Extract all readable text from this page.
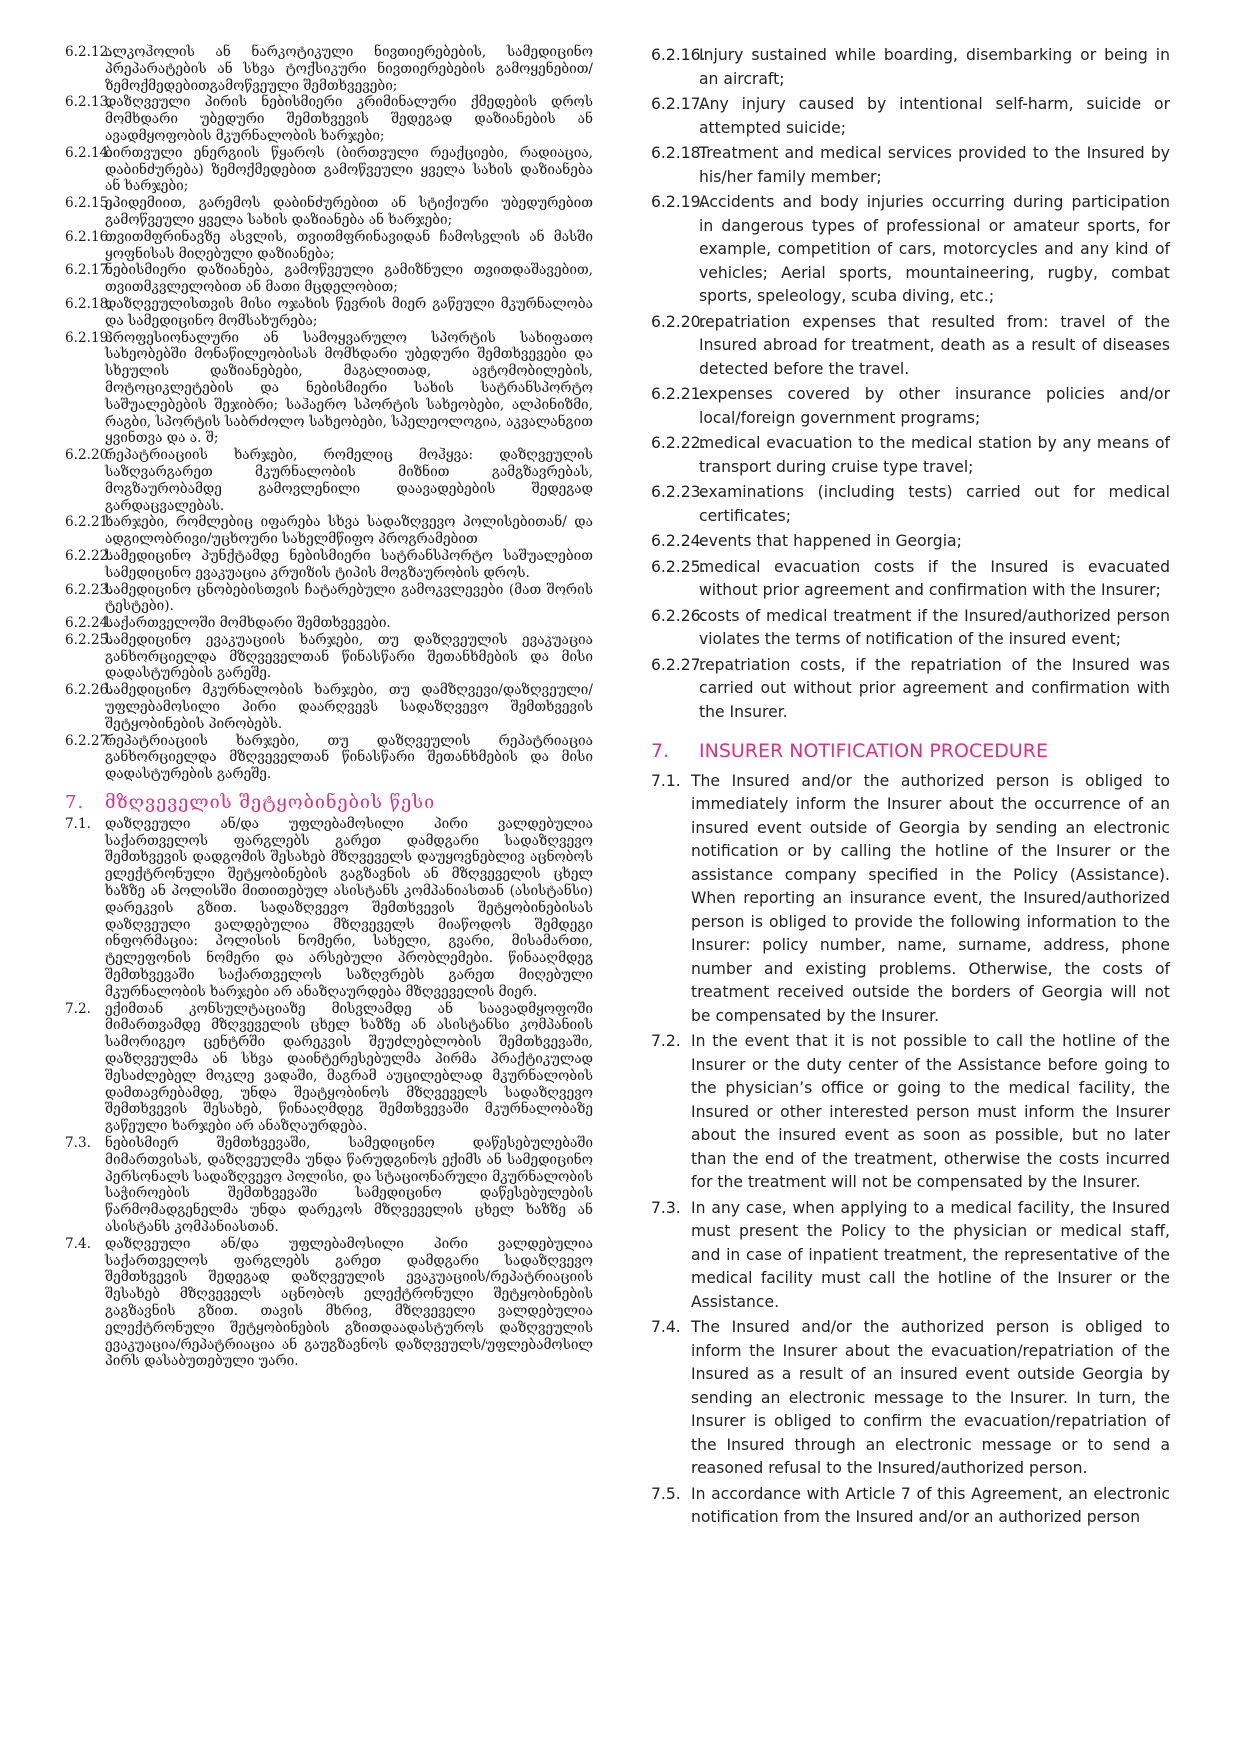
6.2.12.
ალკოჰოლის ან ნარკოტიკული ნივთიერებების, სამედიცინო პრეპარატების ან სხვა ტოქსიკური ნივთიერებების გამოყენებით/ზემოქმედებითგამოწვეული შემთხვევები;
6.2.13.
დაზღვეული პირის ნებისმიერი კრიმინალური ქმედების დროს მომხდარი უბედური შემთხვევის შედეგად დაზიანების ან ავადმყოფობის მკურნალობის ხარჯები;
6.2.14.
ბირთვული ენერგიის წყაროს (ბირთვული რეაქციები, რადიაცია, დაბინძურება) ზემოქმედებით გამოწვეული ყველა სახის დაზიანება ან ხარჯები;
6.2.15.
ეპიდემიით, გარემოს დაბინძურებით ან სტიქიური უბედურებით გამოწვეული ყველა სახის დაზიანება ან ხარჯები;
6.2.16.
თვითმფრინავზე ასვლის, თვითმფრინავიდან ჩამოსვლის ან მასში ყოფნისას მიღებული დაზიანება;
6.2.17.
ნებისმიერი დაზიანება, გამოწვეული გამიზნული თვითდაშავებით, თვითმკვლელობით ან მათი მცდელობით;
6.2.18.
დაზღვეულისთვის მისი ოჯახის წევრის მიერ გაწეული მკურნალობა და სამედიცინო მომსახურება;
6.2.19.
პროფესიონალური ან სამოყვარულო სპორტის სახიფათო სახეობებში მონაწილეობისას მომხდარი უბედური შემთხვევები და სხეულის დაზიანებები, მაგალითად, ავტომობილების, მოტოციკლეტების და ნებისმიერი სახის სატრანსპორტო საშუალებების შეჯიბრი; საჰაერო სპორტის სახეობები, ალპინიზმი, რაგბი, სპორტის საბრძოლო სახეობები, სპელეოლოგია, აკვალანგით ყვინთვა და ა. შ;
6.2.20.
რეპატრიაციის ხარჯები, რომელიც მოჰყვა: დაზღვეულის საზღვარგარეთ მკურნალობის მიზნით გამგზავრებას, მოგზაურობამდე გამოვლენილი დაავადებების შედეგად გარდაცვალებას.
6.2.21.
ხარჯები, რომლებიც იფარება სხვა სადაზღვევო პოლისებითან/ და ადგილობრივი/უცხოური სახელმწიფო პროგრამებით
6.2.22.
სამედიცინო პუნქტამდე ნებისმიერი სატრანსპორტო საშუალებით სამედიცინო ევაკუაცია კრუიზის ტიპის მოგზაურობის დროს.
6.2.23.
სამედიცინო ცნობებისთვის ჩატარებული გამოკვლევები (მათ შორის ტესტები).
6.2.24.
საქართველოში მომხდარი შემთხვევები.
6.2.25.
სამედიცინო ევაკუაციის ხარჯები, თუ დაზღვეულის ევაკუაცია განხორციელდა მზღვეველთან წინასწარი შეთანხმების და მისი დადასტურების გარეშე.
6.2.26.
სამედიცინო მკურნალობის ხარჯები, თუ დამზღვევი/დაზღვეული/უფლებამოსილი პირი დაარღვევს სადაზღვევო შემთხვევის შეტყობინების პირობებს.
6.2.27.
რეპატრიაციის ხარჯები, თუ დაზღვეულის რეპატრიაცია განხორციელდა მზღვეველთან წინასწარი შეთანხმების და მისი დადასტურების გარეშე.
7.	მზღვეველის შეტყობინების წესი
7.1.	დაზღვეული ან/და უფლებამოსილი პირი ვალდებულია საქართველოს ფარგლებს გარეთ დამდგარი სადაზღვევო შემთხვევის დადგომის შესახებ მზღვეველს დაუყოვნებლივ აცნობოს ელექტრონული შეტყობინების გაგზავნის ან მზღვეველის ცხელ ხაზზე ან პოლისში მითითებულ ასისტანს კომპანიასთან (ასისტანსი) დარეკვის გზით. სადაზღვევო შემთხვევის შეტყობინებისას დაზღვეული ვალდებულია მზღვეველს მიაწოდოს შემდეგი ინფორმაცია: პოლისის ნომერი, სახელი, გვარი, მისამართი, ტელეფონის ნომერი და არსებული პრობლემები. წინააღმდეგ შემთხვევაში საქართველოს საზღვრებს გარეთ მიღებული მკურნალობის ხარჯები არ ანაზღაურდება მზღვეველის მიერ.
7.2.	ექიმთან კონსულტაციაზე მისვლამდე ან საავადმყოფოში მიმართვამდე მზღვეველის ცხელ ხაზზე ან ასისტანსი კომპანიის სამორიგეო ცენტრში დარეკვის შეუძლებლობის შემთხვევაში, დაზღვეულმა ან სხვა დაინტერესებულმა პირმა პრაქტიკულად შესაძლებელ მოკლე ვადაში, მაგრამ აუცილებლად მკურნალობის დამთავრებამდე, უნდა შეატყობინოს მზღვეველს სადაზღვევო შემთხვევის შესახებ, წინააღმდეგ შემთხვევაში მკურნალობაზე გაწეული ხარჯები არ ანაზღაურდება.
7.3.	ნებისმიერ შემთხვევაში, სამედიცინო დაწესებულებაში მიმართვისას, დაზღვეულმა უნდა წარუდგინოს ექიმს ან სამედიცინო პერსონალს სადაზღვევო პოლისი, და სტაციონარული მკურნალობის საჭიროების შემთხვევაში სამედიცინო დაწესებულების წარმომადგენელმა უნდა დარეკოს მზღვეველის ცხელ ხაზზე ან ასისტანს კომპანიასთან.
7.4.	დაზღვეული ან/და უფლებამოსილი პირი ვალდებულია საქართველოს ფარგლებს გარეთ დამდგარი სადაზღვევო შემთხვევის შედეგად დაზღვეულის ევაკუაციის/რეპატრიაციის შესახებ მზღვეველს აცნობოს ელექტრონული შეტყობინების გაგზავნის გზით. თავის მხრივ, მზღვეველი ვალდებულია ელექტრონული შეტყობინების გზითდაადასტუროს დაზღვეულის ევაკუაცია/რეპატრიაცია ან გაუგზავნოს დაზღვეულს/უფლებამოსილ პირს დასაბუთებული უარი.
6.2.16.
Injury sustained while boarding, disembarking or being in an aircraft;
6.2.17.
Any injury caused by intentional self-harm, suicide or attempted suicide;
6.2.18.
Treatment and medical services provided to the Insured by his/her family member;
6.2.19.
Accidents and body injuries occurring during participation in dangerous types of professional or amateur sports, for example, competition of cars, motorcycles and any kind of vehicles; Aerial sports, mountaineering, rugby, combat sports, speleology, scuba diving, etc.;
6.2.20.
repatriation expenses that resulted from: travel of the Insured abroad for treatment, death as a result of diseases detected before the travel.
6.2.21.
expenses covered by other insurance policies and/or local/foreign government programs;
6.2.22.
medical evacuation to the medical station by any means of transport during cruise type travel;
6.2.23.
examinations (including tests) carried out for medical certificates;
6.2.24.
events that happened in Georgia;
6.2.25.
medical evacuation costs if the Insured is evacuated without prior agreement and confirmation with the Insurer;
6.2.26.
costs of medical treatment if the Insured/authorized person violates the terms of notification of the insured event;
6.2.27.
repatriation costs, if the repatriation of the Insured was carried out without prior agreement and confirmation with the Insurer.
7.	INSURER NOTIFICATION PROCEDURE
7.1. The Insured and/or the authorized person is obliged to immediately inform the Insurer about the occurrence of an insured event outside of Georgia by sending an electronic notification or by calling the hotline of the Insurer or the assistance company specified in the Policy (Assistance). When reporting an insurance event, the Insured/authorized person is obliged to provide the following information to the Insurer: policy number, name, surname, address, phone number and existing problems. Otherwise, the costs of treatment received outside the borders of Georgia will not be compensated by the Insurer.
7.2. In the event that it is not possible to call the hotline of the Insurer or the duty center of the Assistance before going to the physician’s office or going to the medical facility, the Insured or other interested person must inform the Insurer about the insured event as soon as possible, but no later than the end of the treatment, otherwise the costs incurred for the treatment will not be compensated by the Insurer.
7.3. In any case, when applying to a medical facility, the Insured must present the Policy to the physician or medical staff, and in case of inpatient treatment, the representative of the medical facility must call the hotline of the Insurer or the Assistance.
7.4. The Insured and/or the authorized person is obliged to inform the Insurer about the evacuation/repatriation of the Insured as a result of an insured event outside Georgia by sending an electronic message to the Insurer. In turn, the Insurer is obliged to confirm the evacuation/repatriation of the Insured through an electronic message or to send a reasoned refusal to the Insured/authorized person.
7.5. In accordance with Article 7 of this Agreement, an electronic notification from the Insured and/or an authorized person
